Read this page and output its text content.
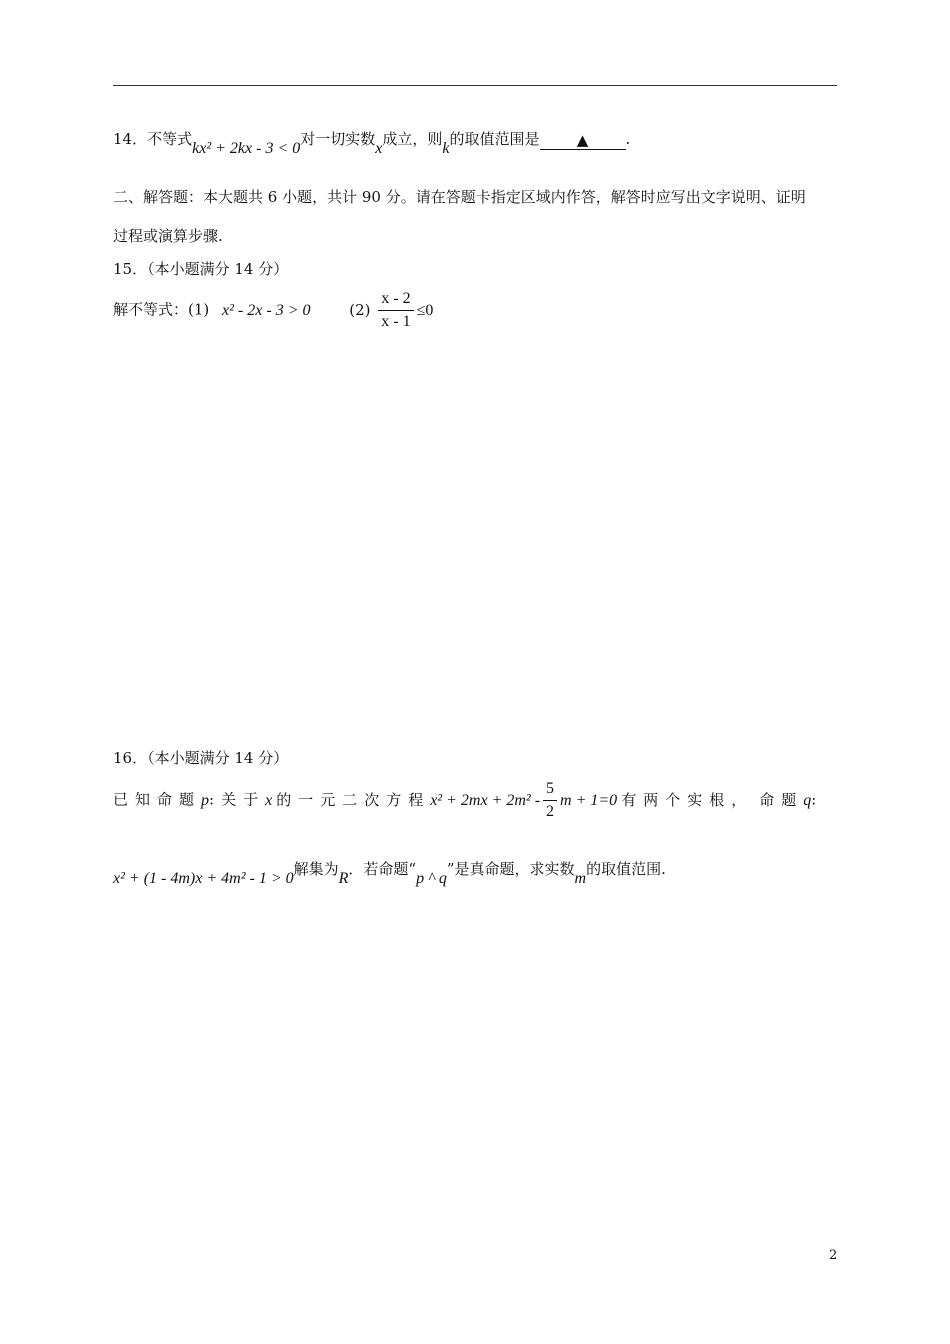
14．不等式kx² + 2kx - 3 < 0对一切实数x成立，则k的取值范围是 ▲ .
二、解答题：本大题共 6 小题，共计 90 分。请在答题卡指定区域内作答，解答时应写出文字说明、证明
过程或演算步骤.
15．（本小题满分 14 分）
解不等式：(1) x² - 2x - 3 > 0	$(2) \frac{x - 2}{x - 1} \le 0$
16．（本小题满分 14 分）
已知命题p:关于x 的一元二次方程$x^2 + 2mx + 2m^2 - \frac{5}{2}$ m + 1=0 有两个实根， 命题q:
x² + (1 - 4m)x + 4m² - 1 > 0解集为R．若命题“p ^ q”是真命题，求实数m的取值范围.
2
